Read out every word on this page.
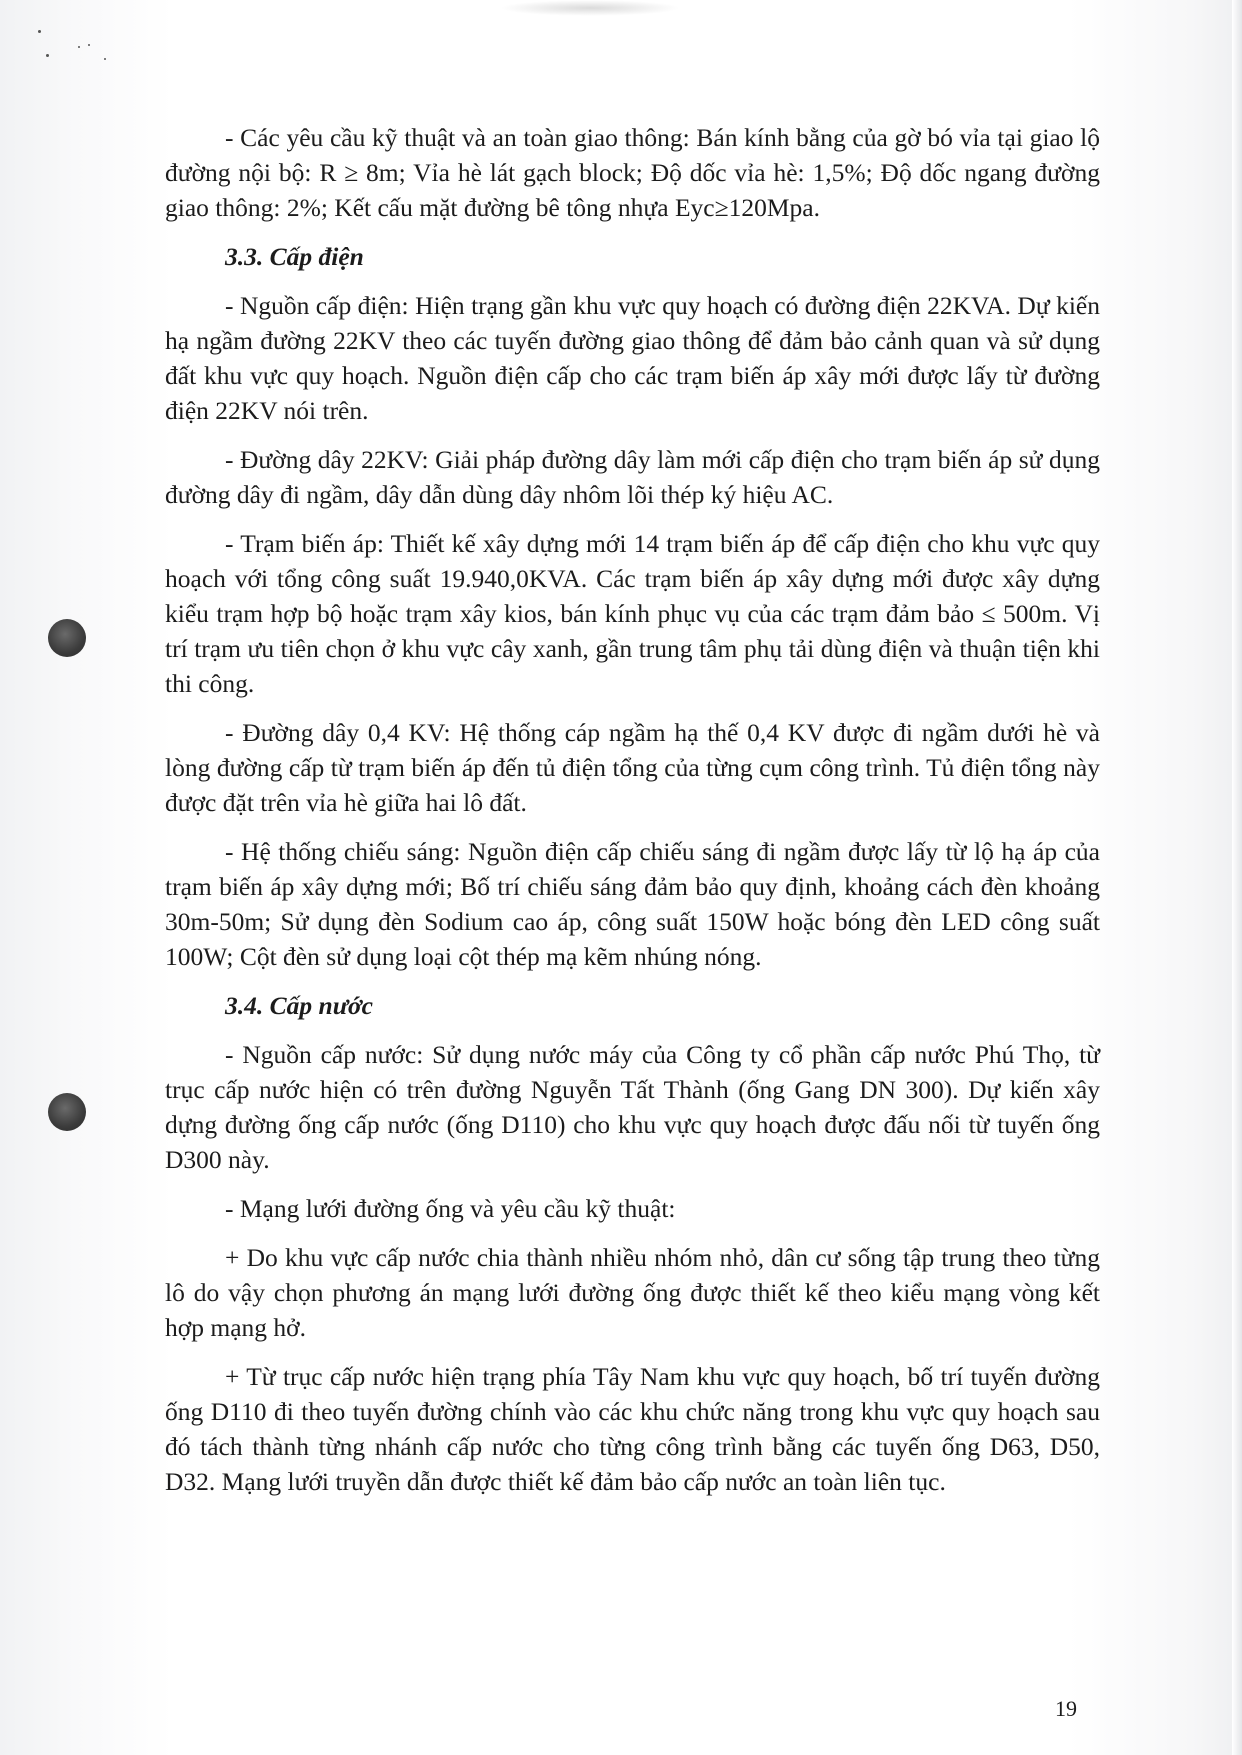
- Các yêu cầu kỹ thuật và an toàn giao thông: Bán kính bằng của gờ bó vỉa tại giao lộ đường nội bộ: R ≥ 8m; Vỉa hè lát gạch block; Độ dốc vỉa hè: 1,5%; Độ dốc ngang đường giao thông: 2%; Kết cấu mặt đường bê tông nhựa Eyc≥120Mpa.

3.3. Cấp điện

- Nguồn cấp điện: Hiện trạng gần khu vực quy hoạch có đường điện 22KVA. Dự kiến hạ ngầm đường 22KV theo các tuyến đường giao thông để đảm bảo cảnh quan và sử dụng đất khu vực quy hoạch. Nguồn điện cấp cho các trạm biến áp xây mới được lấy từ đường điện 22KV nói trên.

- Đường dây 22KV: Giải pháp đường dây làm mới cấp điện cho trạm biến áp sử dụng đường dây đi ngầm, dây dẫn dùng dây nhôm lõi thép ký hiệu AC.

- Trạm biến áp: Thiết kế xây dựng mới 14 trạm biến áp để cấp điện cho khu vực quy hoạch với tổng công suất 19.940,0KVA. Các trạm biến áp xây dựng mới được xây dựng kiểu trạm hợp bộ hoặc trạm xây kios, bán kính phục vụ của các trạm đảm bảo ≤ 500m. Vị trí trạm ưu tiên chọn ở khu vực cây xanh, gần trung tâm phụ tải dùng điện và thuận tiện khi thi công.

- Đường dây 0,4 KV: Hệ thống cáp ngầm hạ thế 0,4 KV được đi ngầm dưới hè và lòng đường cấp từ trạm biến áp đến tủ điện tổng của từng cụm công trình. Tủ điện tổng này được đặt trên vỉa hè giữa hai lô đất.

- Hệ thống chiếu sáng: Nguồn điện cấp chiếu sáng đi ngầm được lấy từ lộ hạ áp của trạm biến áp xây dựng mới; Bố trí chiếu sáng đảm bảo quy định, khoảng cách đèn khoảng 30m-50m; Sử dụng đèn Sodium cao áp, công suất 150W hoặc bóng đèn LED công suất 100W; Cột đèn sử dụng loại cột thép mạ kẽm nhúng nóng.

3.4. Cấp nước

- Nguồn cấp nước: Sử dụng nước máy của Công ty cổ phần cấp nước Phú Thọ, từ trục cấp nước hiện có trên đường Nguyễn Tất Thành (ống Gang DN 300). Dự kiến xây dựng đường ống cấp nước (ống D110) cho khu vực quy hoạch được đấu nối từ tuyến ống D300 này.

- Mạng lưới đường ống và yêu cầu kỹ thuật:

+ Do khu vực cấp nước chia thành nhiều nhóm nhỏ, dân cư sống tập trung theo từng lô do vậy chọn phương án mạng lưới đường ống được thiết kế theo kiểu mạng vòng kết hợp mạng hở.

+ Từ trục cấp nước hiện trạng phía Tây Nam khu vực quy hoạch, bố trí tuyến đường ống D110 đi theo tuyến đường chính vào các khu chức năng trong khu vực quy hoạch sau đó tách thành từng nhánh cấp nước cho từng công trình bằng các tuyến ống D63, D50, D32. Mạng lưới truyền dẫn được thiết kế đảm bảo cấp nước an toàn liên tục.

19
